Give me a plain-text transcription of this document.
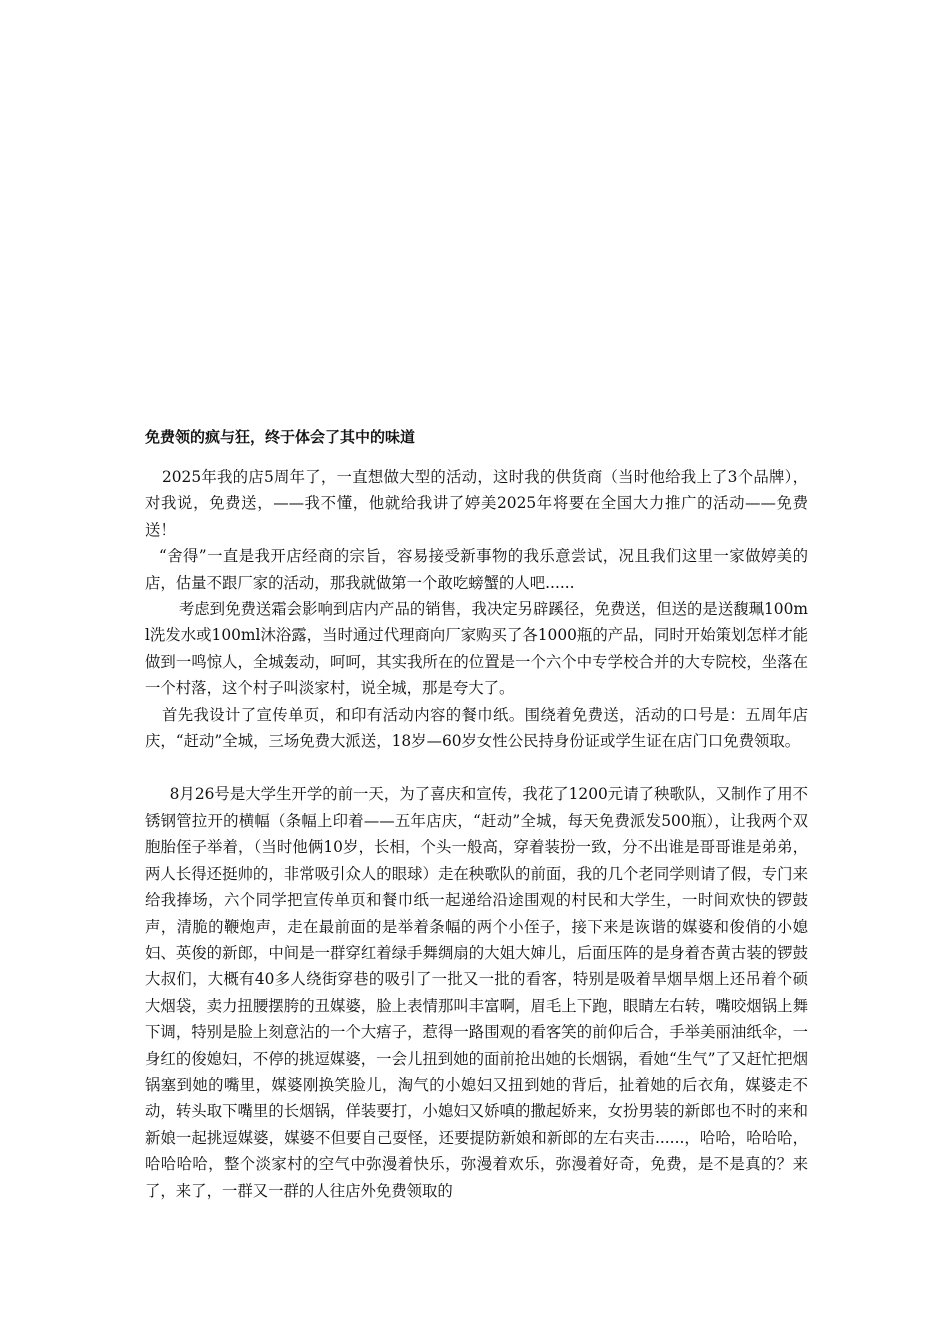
免费领的疯与狂，终于体会了其中的味道

2025年我的店5周年了，一直想做大型的活动，这时我的供货商（当时他给我上了3个品牌），对我说，免费送，——我不懂，他就给我讲了婷美2025年将要在全国大力推广的活动——免费送！

“舍得”一直是我开店经商的宗旨，容易接受新事物的我乐意尝试，况且我们这里一家做婷美的店，估量不跟厂家的活动，那我就做第一个敢吃螃蟹的人吧......

考虑到免费送霜会影响到店内产品的销售，我决定另辟蹊径，免费送，但送的是送馥珮100ml洗发水或100ml沐浴露，当时通过代理商向厂家购买了各1000瓶的产品，同时开始策划怎样才能做到一鸣惊人，全城轰动，呵呵，其实我所在的位置是一个六个中专学校合并的大专院校，坐落在一个村落，这个村子叫淡家村，说全城，那是夸大了。

首先我设计了宣传单页，和印有活动内容的餐巾纸。围绕着免费送，活动的口号是：五周年店庆，“赶动”全城，三场免费大派送，18岁—60岁女性公民持身份证或学生证在店门口免费领取。

8月26号是大学生开学的前一天，为了喜庆和宣传，我花了1200元请了秧歌队，又制作了用不锈钢管拉开的横幅（条幅上印着——五年店庆，“赶动”全城，每天免费派发500瓶），让我两个双胞胎侄子举着，（当时他俩10岁，长相，个头一般高，穿着装扮一致，分不出谁是哥哥谁是弟弟，两人长得还挺帅的，非常吸引众人的眼球）走在秧歌队的前面，我的几个老同学则请了假，专门来给我捧场，六个同学把宣传单页和餐巾纸一起递给沿途围观的村民和大学生，一时间欢快的锣鼓声，清脆的鞭炮声，走在最前面的是举着条幅的两个小侄子，接下来是诙谐的媒婆和俊俏的小媳妇、英俊的新郎，中间是一群穿红着绿手舞绸扇的大姐大婶儿，后面压阵的是身着杏黄古装的锣鼓大叔们，大概有40多人绕街穿巷的吸引了一批又一批的看客，特别是吸着旱烟旱烟上还吊着个硕大烟袋，卖力扭腰摆胯的丑媒婆，脸上表情那叫丰富啊，眉毛上下跑，眼睛左右转，嘴咬烟锅上舞下调，特别是脸上刻意沾的一个大痦子，惹得一路围观的看客笑的前仰后合，手举美丽油纸伞，一身红的俊媳妇，不停的挑逗媒婆，一会儿扭到她的面前抢出她的长烟锅，看她“生气”了又赶忙把烟锅塞到她的嘴里，媒婆刚换笑脸儿，淘气的小媳妇又扭到她的背后，扯着她的后衣角，媒婆走不动，转头取下嘴里的长烟锅，佯装要打，小媳妇又娇嗔的撒起娇来，女扮男装的新郎也不时的来和新娘一起挑逗媒婆，媒婆不但要自己耍怪，还要提防新娘和新郎的左右夹击......，哈哈，哈哈哈，哈哈哈哈，整个淡家村的空气中弥漫着快乐，弥漫着欢乐，弥漫着好奇，免费，是不是真的？来了，来了，一群又一群的人往店外免费领取的
